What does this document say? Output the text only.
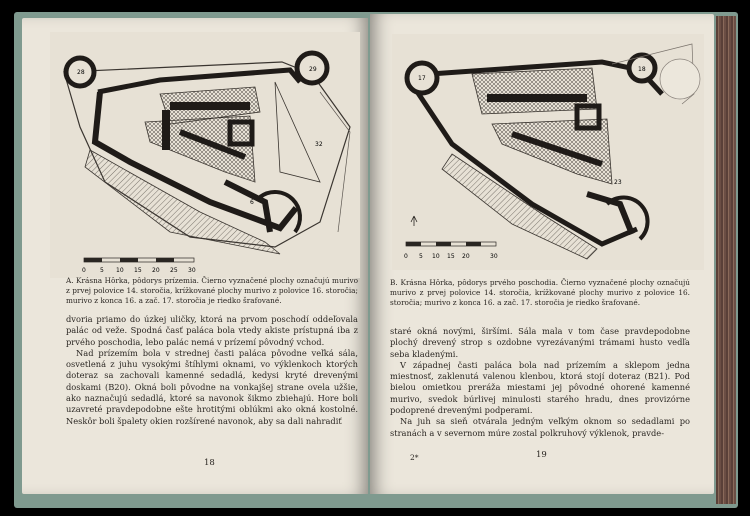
28	29
32
6
0 5 10 15 20 25 30
A. Krásna Hôrka, pôdorys prízemia. Čierno vyznačené plochy označujú murivo z prvej polovice 14. storočia, krížkované plochy murivo z polovice 16. storočia; murivo z konca 16. a zač. 17. storočia je riedko šrafované.

dvoria priamo do úzkej uličky, ktorá na prvom poschodí oddeľovala palác od veže. Spodná časť paláca bola vtedy akiste prístupná iba z prvého poschodia, lebo palác nemá v prízemí pôvodný vchod.

Nad prízemím bola v strednej časti paláca pôvodne veľká sála, osvetlená z juhu vysokými štíhlymi oknami, vo výklenkoch ktorých doteraz sa zachovali kamenné sedadlá, kedysi kryté drevenými doskami (B20). Okná boli pôvodne na vonkajšej strane ovela užšie, ako naznačujú sedadlá, ktoré sa navonok šikmo zbiehajú. Hore boli uzavreté pravdepodobne ešte hrotitými oblúkmi ako okná kostolné. Neskôr boli špalety okien rozšírené navonok, aby sa dali nahradiť

18
17
18
23
0 5 10 15 20	30
B. Krásna Hôrka, pôdorys prvého poschodia. Čierno vyznačené plochy označujú murivo z prvej polovice 14. storočia, krížkované plochy murivo z polovice 16. storočia; murivo z konca 16. a zač. 17. storočia je riedko šrafované.

staré okná novými, širšími. Sála mala v tom čase pravdepodobne plochý drevený strop s ozdobne vyrezávanými trámami husto vedľa seba kladenými.

V západnej časti paláca bola nad prízemím a sklepom jedna miestnosť, zaklenutá valenou klenbou, ktorá stojí doteraz (B21). Pod bielou omietkou preráža miestami jej pôvodné ohorené kamenné murivo, svedok búrlivej minulosti starého hradu, dnes provizórne podoprené drevenými podperami.

Na juh sa sieň otvárala jedným veľkým oknom so sedadlami po stranách a v severnom múre zostal polkruhový výklenok, pravde-

2*	19
